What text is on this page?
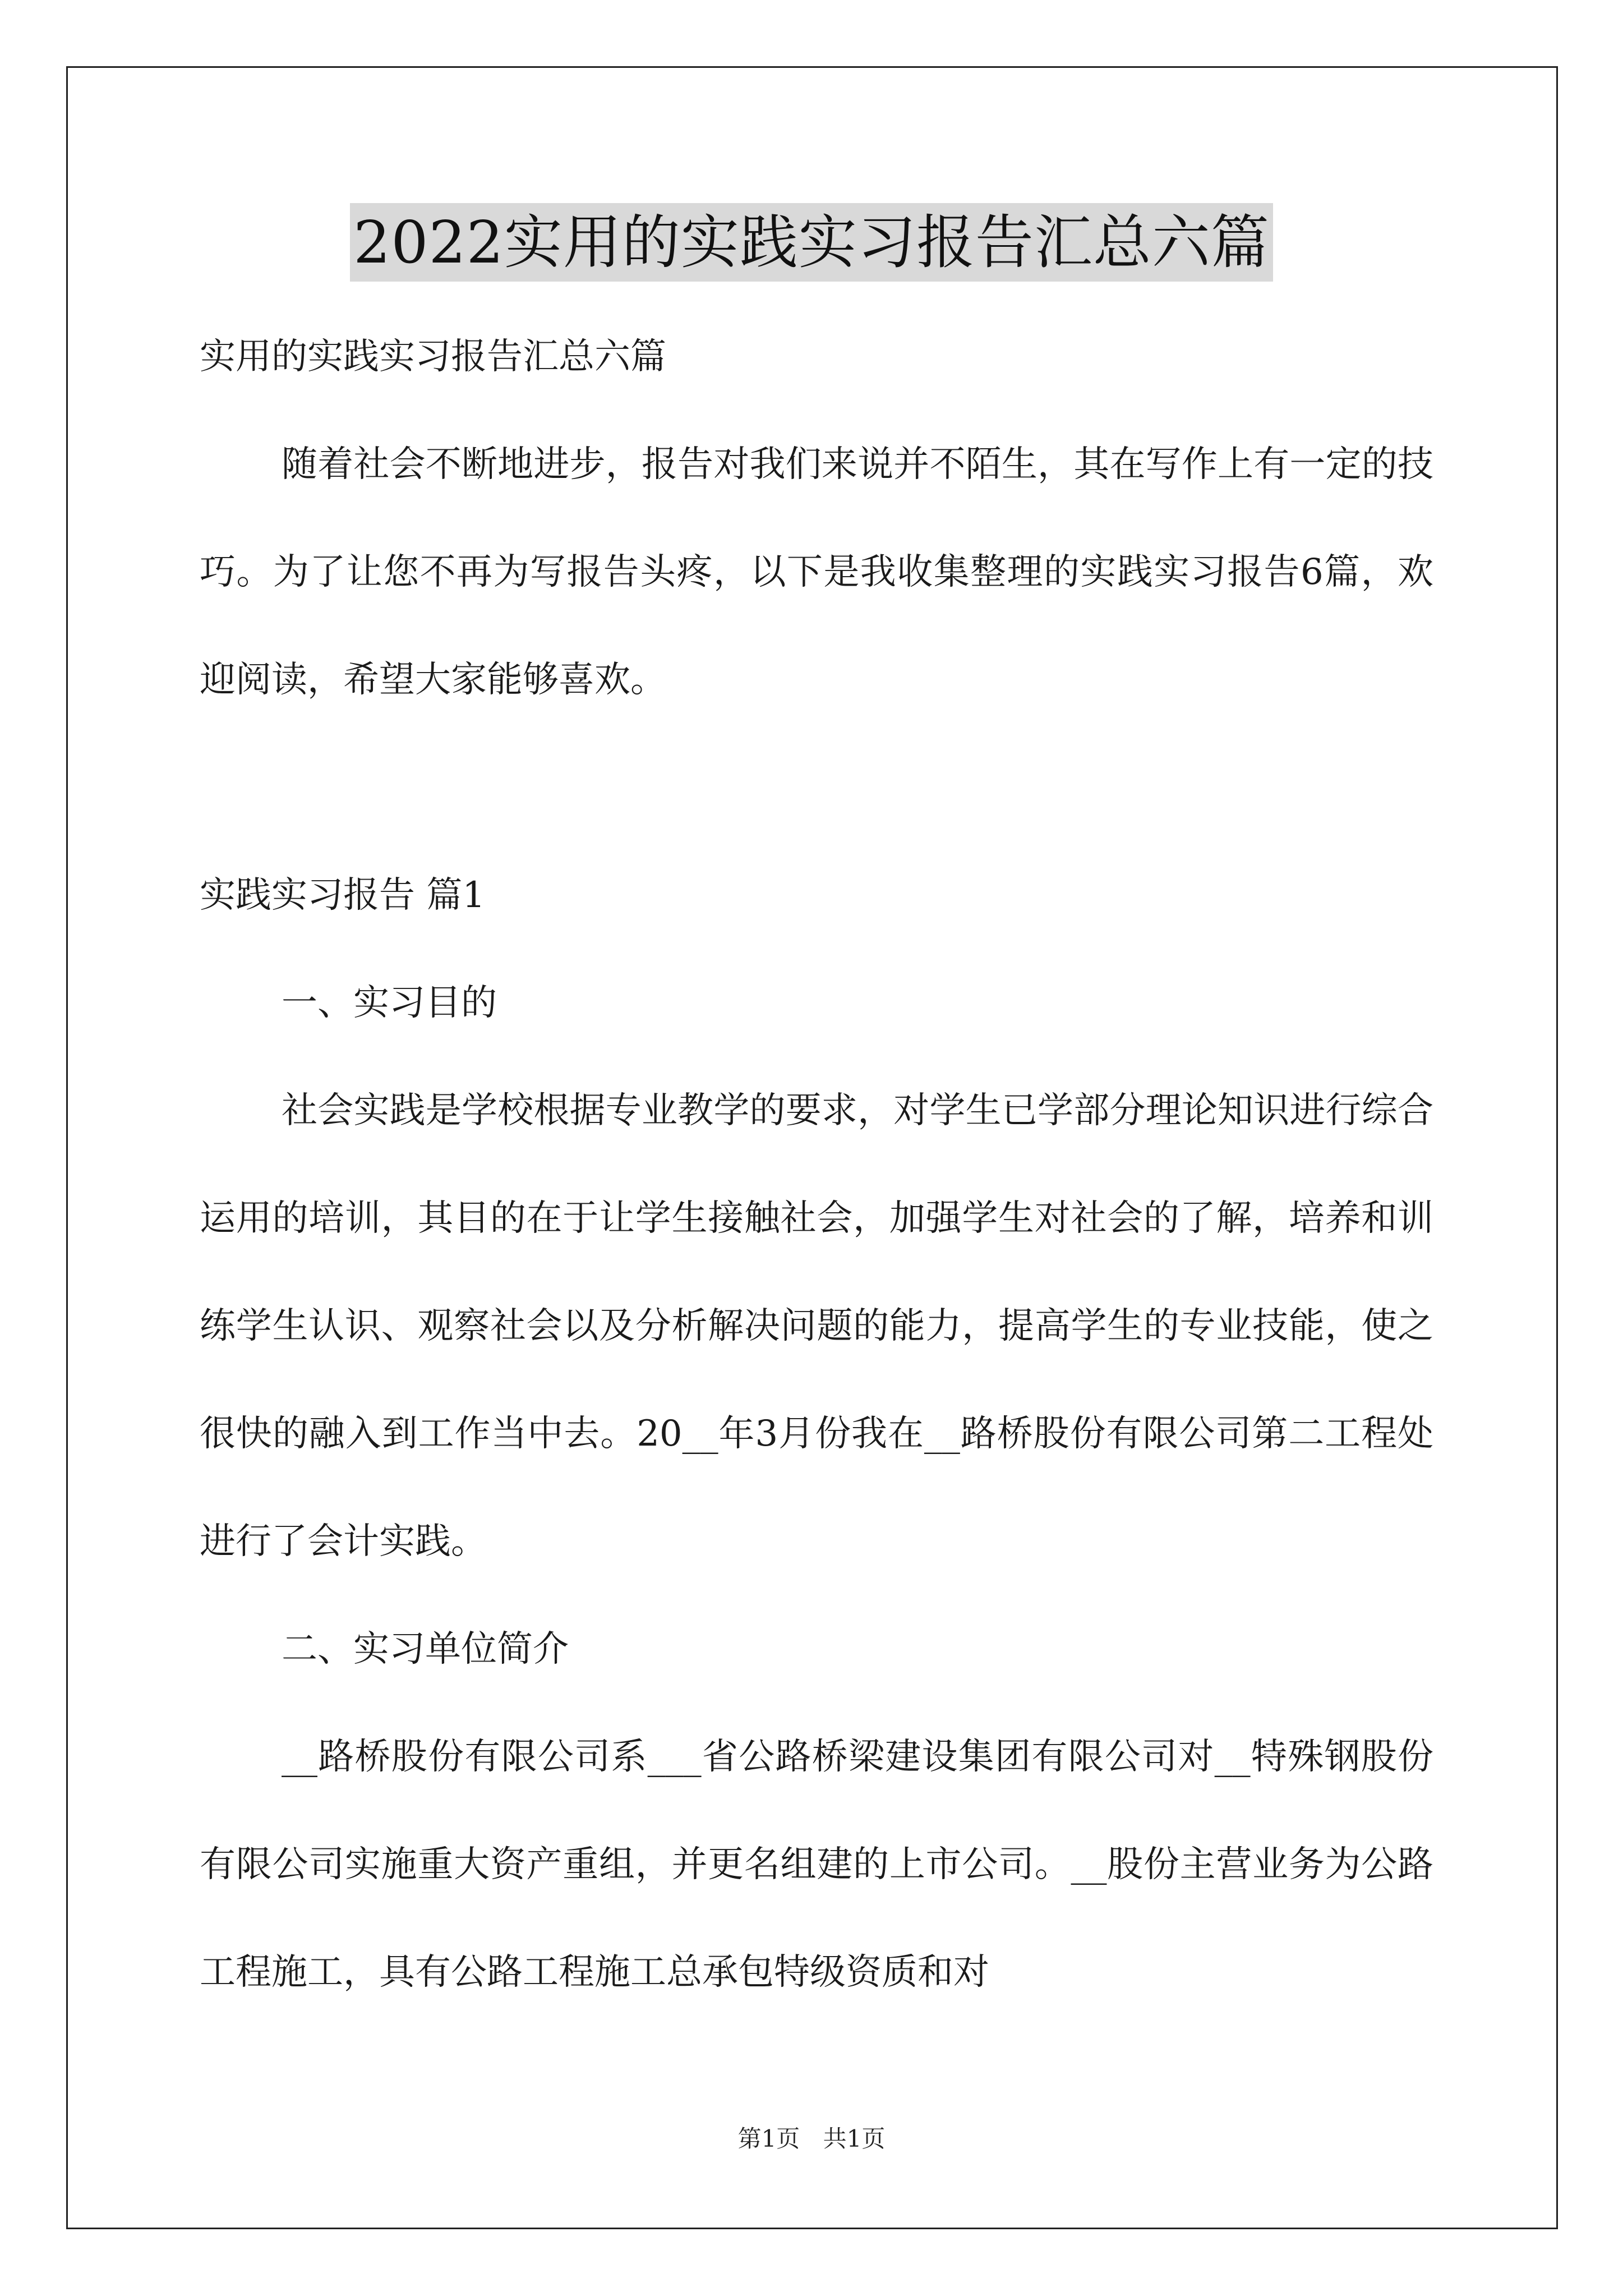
2022实用的实践实习报告汇总六篇

实用的实践实习报告汇总六篇

随着社会不断地进步，报告对我们来说并不陌生，其在写作上有一定的技巧。为了让您不再为写报告头疼，以下是我收集整理的实践实习报告6篇，欢迎阅读，希望大家能够喜欢。

实践实习报告 篇1

一、实习目的

社会实践是学校根据专业教学的要求，对学生已学部分理论知识进行综合运用的培训，其目的在于让学生接触社会，加强学生对社会的了解，培养和训练学生认识、观察社会以及分析解决问题的能力，提高学生的专业技能，使之很快的融入到工作当中去。20__年3月份我在__路桥股份有限公司第二工程处进行了会计实践。

二、实习单位简介

__路桥股份有限公司系___省公路桥梁建设集团有限公司对__特殊钢股份有限公司实施重大资产重组，并更名组建的上市公司。__股份主营业务为公路工程施工，具有公路工程施工总承包特级资质和对

第1页 共1页
